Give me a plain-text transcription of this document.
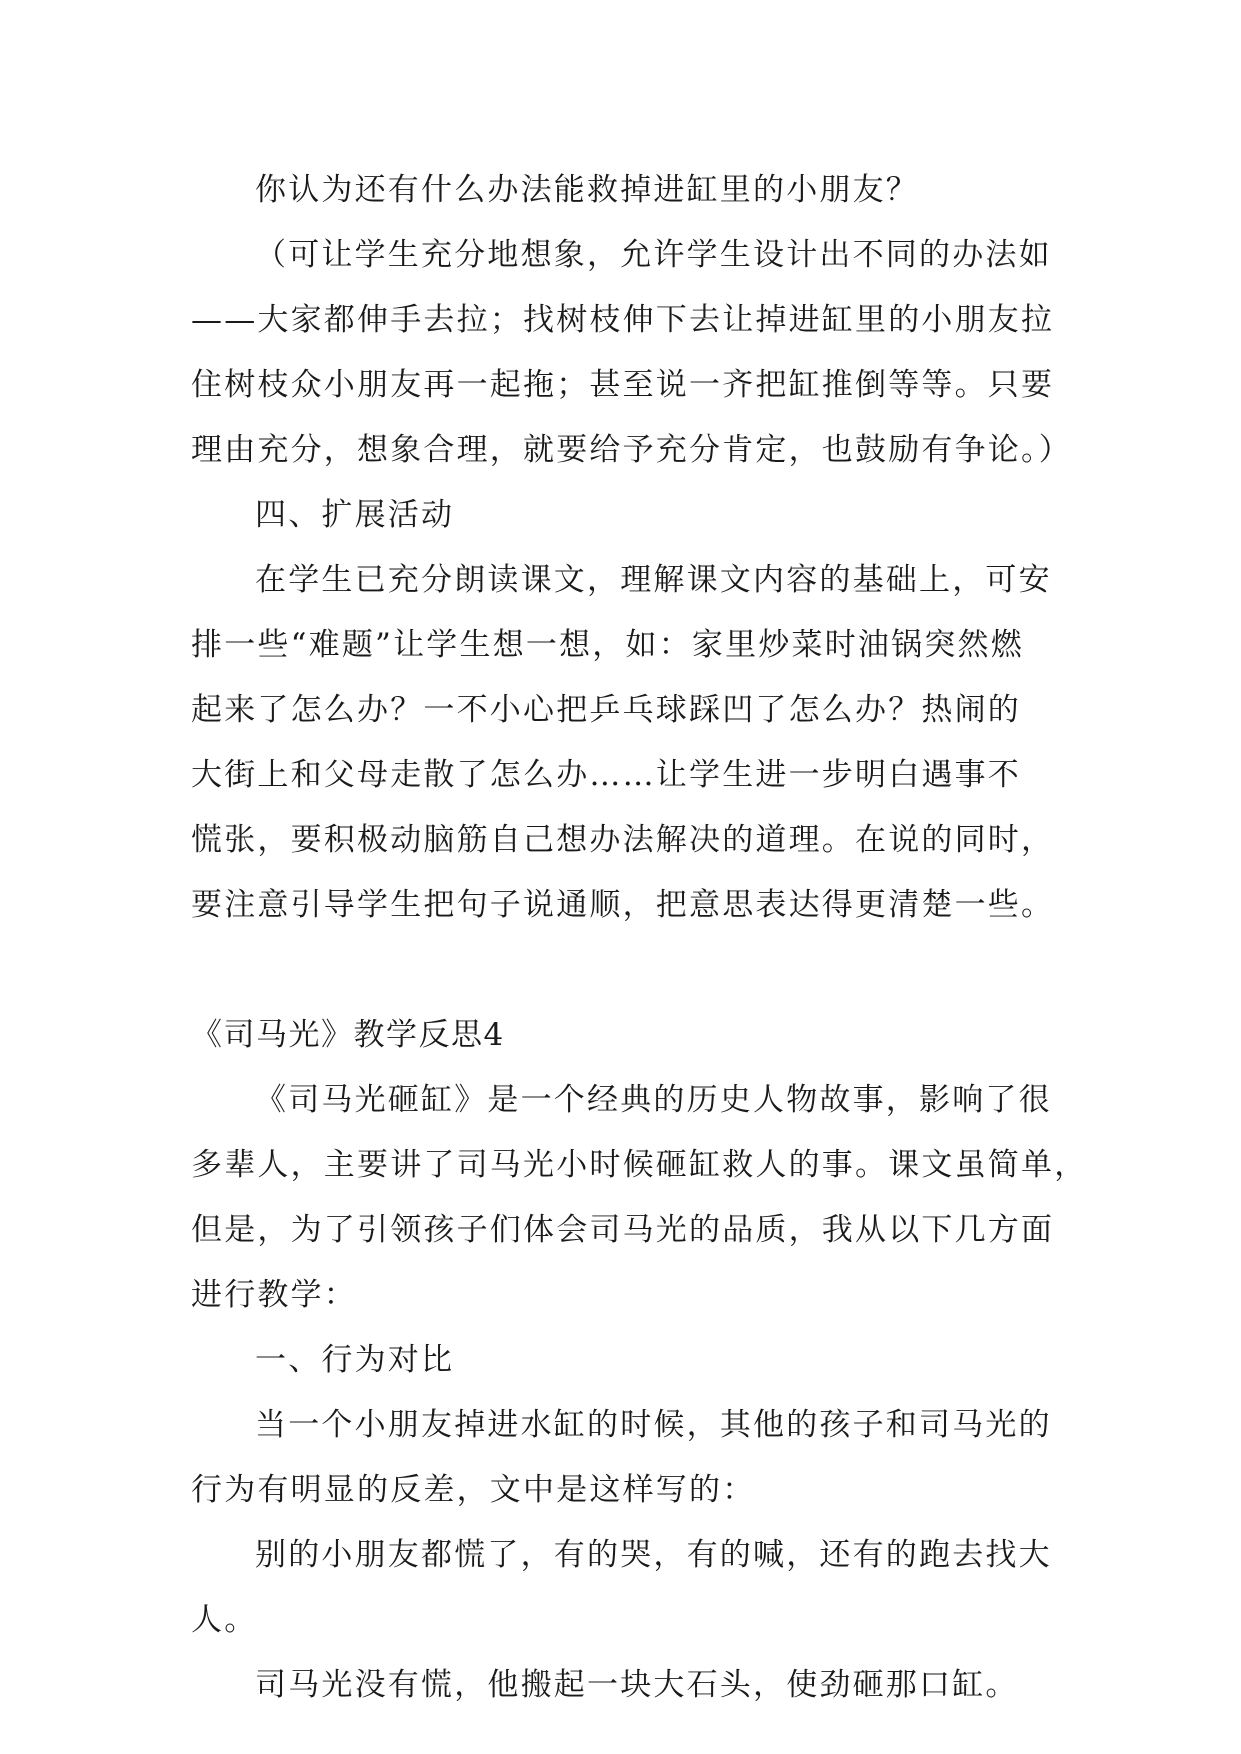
你认为还有什么办法能救掉进缸里的小朋友？
（可让学生充分地想象，允许学生设计出不同的办法如
——大家都伸手去拉；找树枝伸下去让掉进缸里的小朋友拉
住树枝众小朋友再一起拖；甚至说一齐把缸推倒等等。只要
理由充分，想象合理，就要给予充分肯定，也鼓励有争论。）
四、扩展活动
在学生已充分朗读课文，理解课文内容的基础上，可安
排一些“难题”让学生想一想，如：家里炒菜时油锅突然燃
起来了怎么办？一不小心把乒乓球踩凹了怎么办？热闹的
大街上和父母走散了怎么办……让学生进一步明白遇事不
慌张，要积极动脑筋自己想办法解决的道理。在说的同时，
要注意引导学生把句子说通顺，把意思表达得更清楚一些。
《司马光》教学反思4
《司马光砸缸》是一个经典的历史人物故事，影响了很
多辈人，主要讲了司马光小时候砸缸救人的事。课文虽简单，
但是，为了引领孩子们体会司马光的品质，我从以下几方面
进行教学：
一、行为对比
当一个小朋友掉进水缸的时候，其他的孩子和司马光的
行为有明显的反差，文中是这样写的：
别的小朋友都慌了，有的哭，有的喊，还有的跑去找大
人。
司马光没有慌，他搬起一块大石头，使劲砸那口缸。
